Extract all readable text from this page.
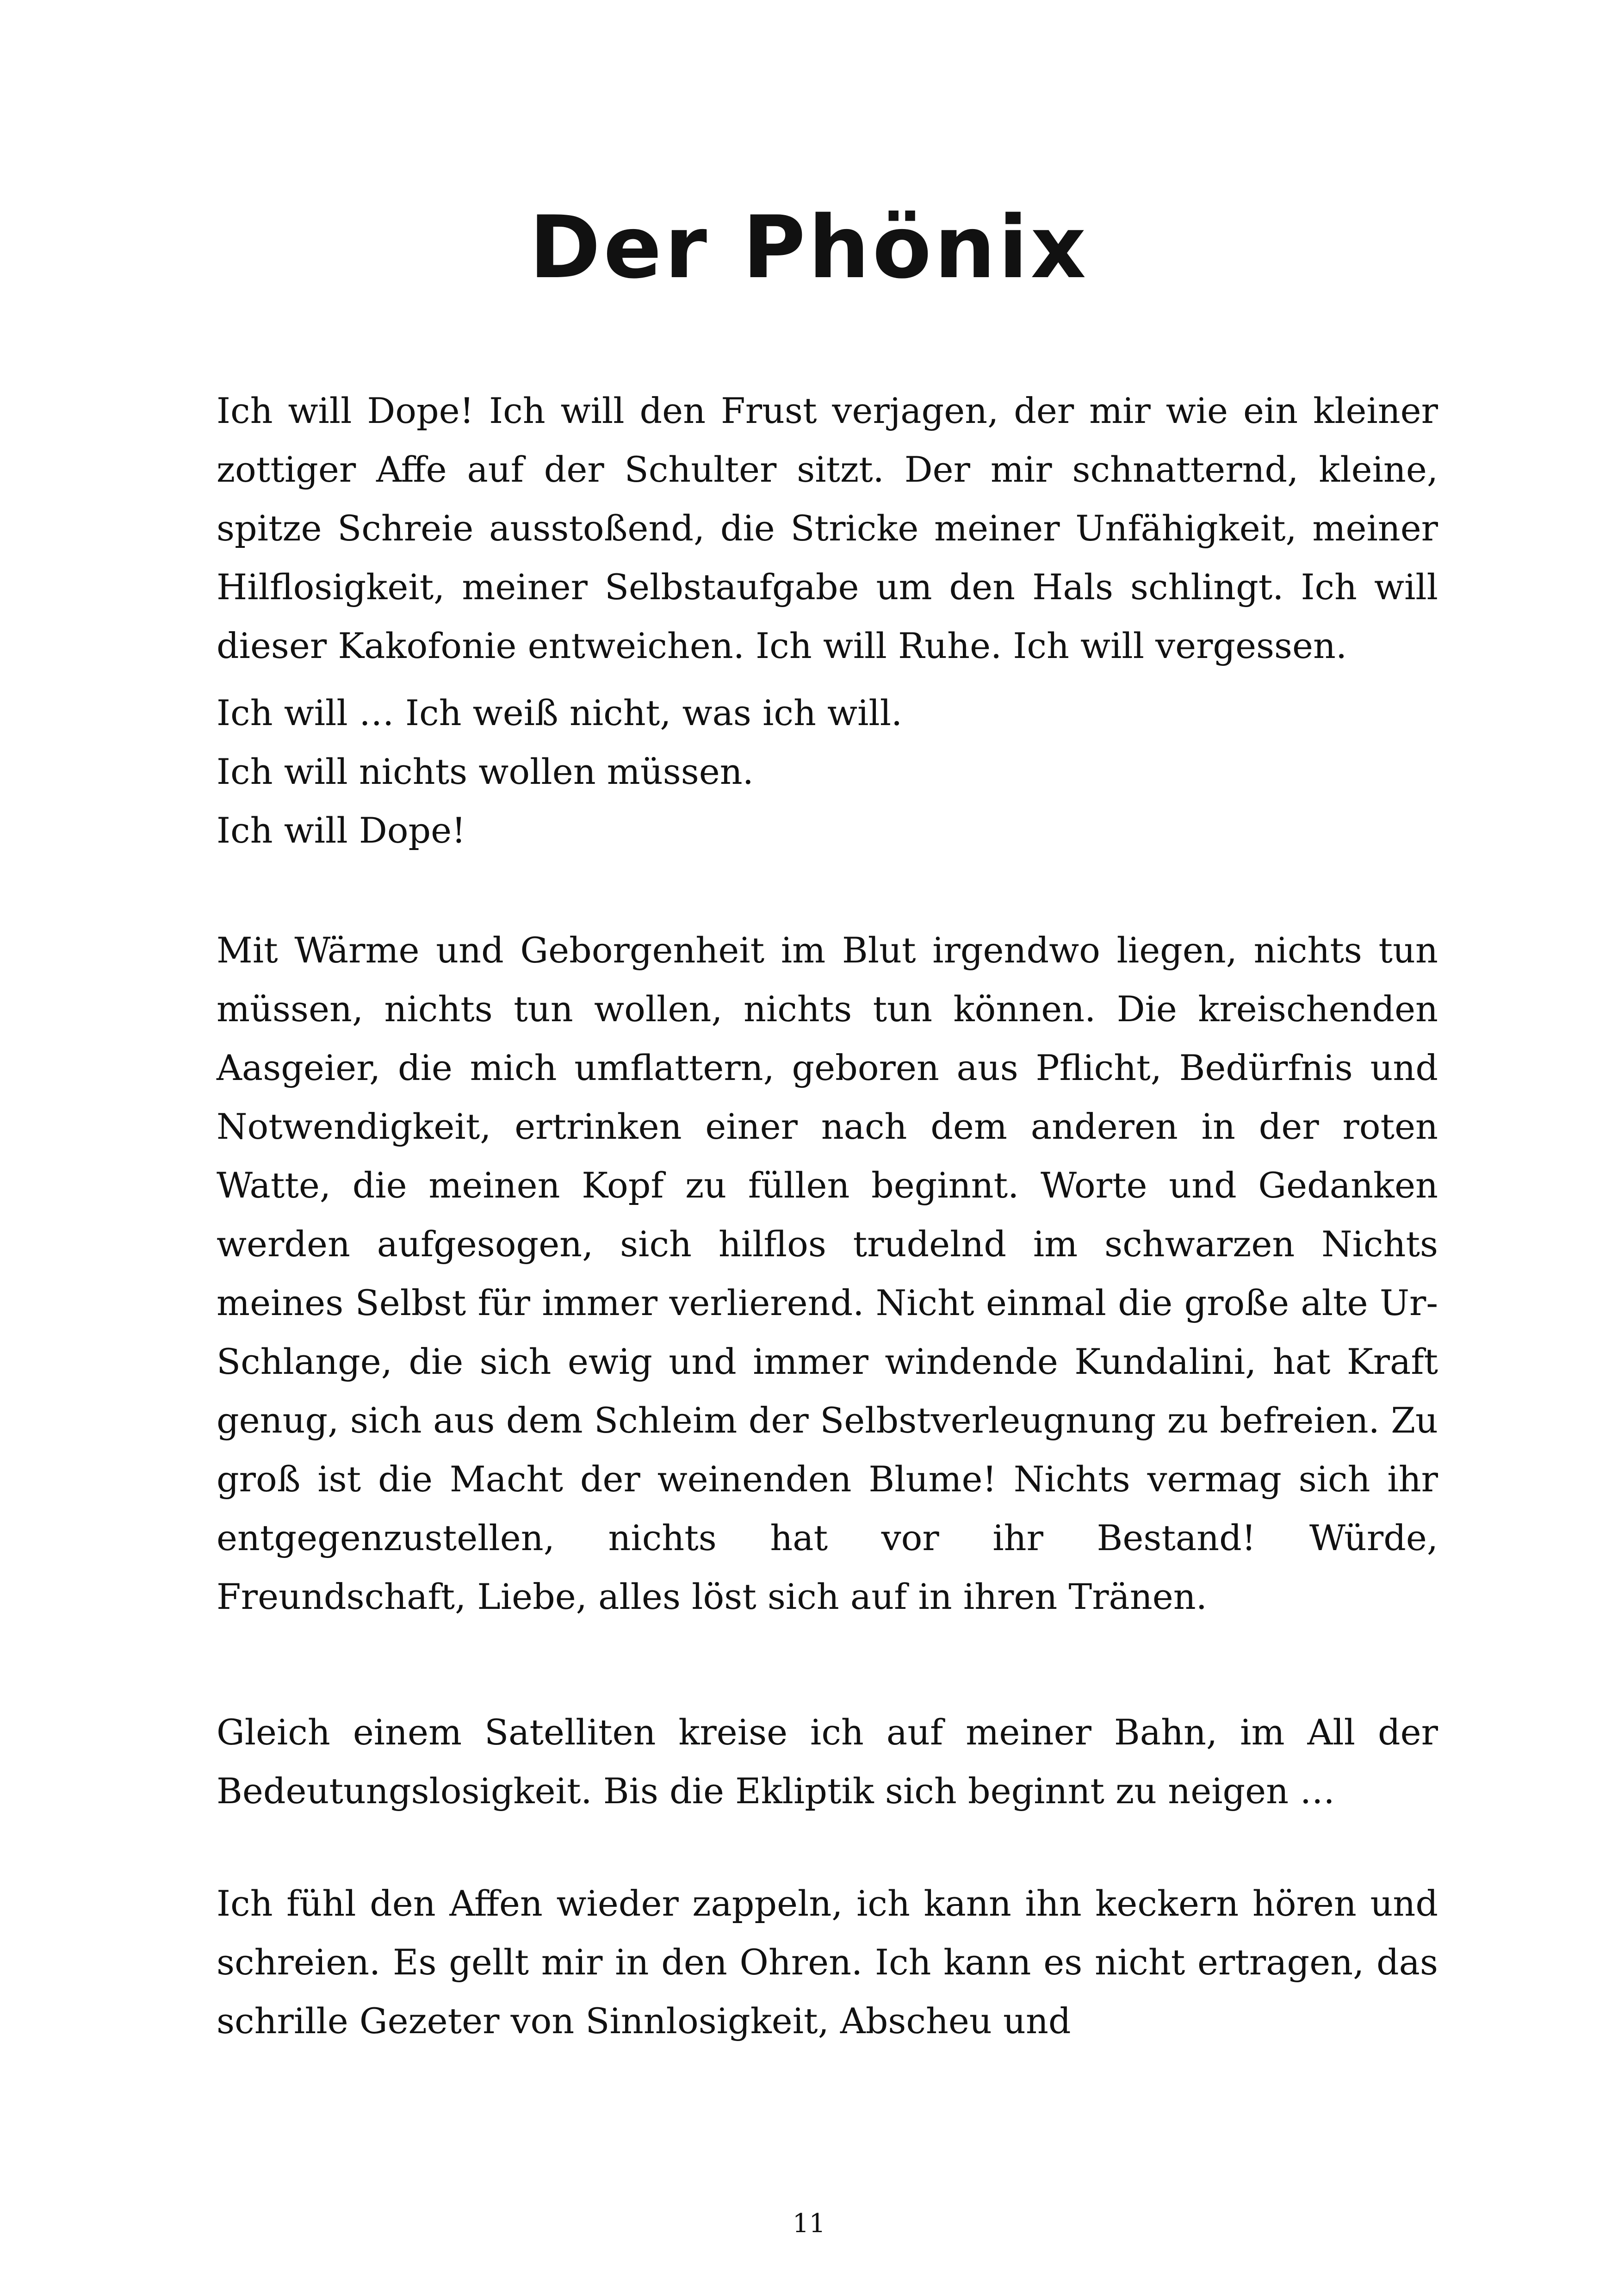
Der Phönix

Ich will Dope! Ich will den Frust verjagen, der mir wie ein kleiner zottiger Affe auf der Schulter sitzt. Der mir schnatternd, kleine, spitze Schreie ausstoßend, die Stricke meiner Unfähigkeit, meiner Hilflosigkeit, meiner Selbstaufgabe um den Hals schlingt. Ich will dieser Kakofonie entweichen. Ich will Ruhe. Ich will vergessen.

Ich will … Ich weiß nicht, was ich will.
Ich will nichts wollen müssen.
Ich will Dope!

Mit Wärme und Geborgenheit im Blut irgendwo liegen, nichts tun müssen, nichts tun wollen, nichts tun können. Die kreischenden Aasgeier, die mich umflattern, geboren aus Pflicht, Bedürfnis und Notwendigkeit, ertrinken einer nach dem anderen in der roten Watte, die meinen Kopf zu füllen beginnt. Worte und Gedanken werden aufgesogen, sich hilflos trudelnd im schwarzen Nichts meines Selbst für immer verlierend. Nicht einmal die große alte Ur-Schlange, die sich ewig und immer windende Kundalini, hat Kraft genug, sich aus dem Schleim der Selbstverleugnung zu befreien. Zu groß ist die Macht der weinenden Blume! Nichts vermag sich ihr entgegenzustellen, nichts hat vor ihr Bestand! Würde, Freundschaft, Liebe, alles löst sich auf in ihren Tränen.

Gleich einem Satelliten kreise ich auf meiner Bahn, im All der Bedeutungslosigkeit. Bis die Ekliptik sich beginnt zu neigen …

Ich fühl den Affen wieder zappeln, ich kann ihn keckern hören und schreien. Es gellt mir in den Ohren. Ich kann es nicht ertragen, das schrille Gezeter von Sinnlosigkeit, Abscheu und

11
